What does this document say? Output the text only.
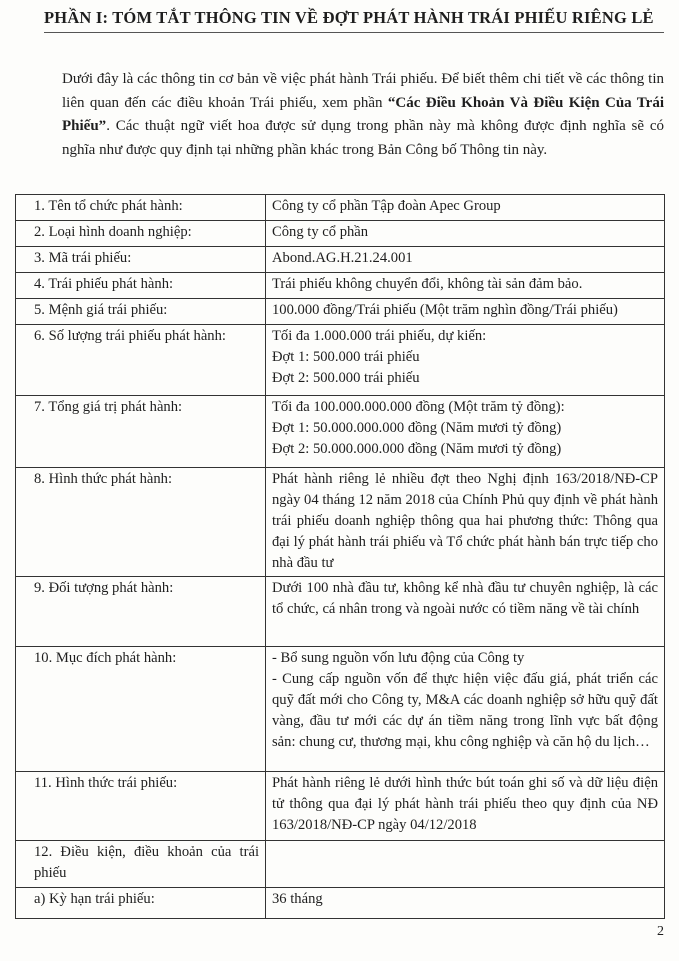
PHẦN I: TÓM TẮT THÔNG TIN VỀ ĐỢT PHÁT HÀNH TRÁI PHIẾU RIÊNG LẺ
Dưới đây là các thông tin cơ bản về việc phát hành Trái phiếu. Để biết thêm chi tiết về các thông tin liên quan đến các điều khoản Trái phiếu, xem phần “Các Điều Khoản Và Điều Kiện Của Trái Phiếu”. Các thuật ngữ viết hoa được sử dụng trong phần này mà không được định nghĩa sẽ có nghĩa như được quy định tại những phần khác trong Bản Công bố Thông tin này.
1. Tên tổ chức phát hành:	Công ty cổ phần Tập đoàn Apec Group

2. Loại hình doanh nghiệp:	Công ty cổ phần

3. Mã trái phiếu:	Abond.AG.H.21.24.001

4. Trái phiếu phát hành:	Trái phiếu không chuyển đổi, không tài sản đảm bảo.

5. Mệnh giá trái phiếu:	100.000 đồng/Trái phiếu (Một trăm nghìn đồng/Trái phiếu)

6. Số lượng trái phiếu phát hành:	Tối đa 1.000.000 trái phiếu, dự kiến:
Đợt 1: 500.000 trái phiếu
Đợt 2: 500.000 trái phiếu

7. Tổng giá trị phát hành:	Tối đa 100.000.000.000 đồng (Một trăm tỷ đồng):
Đợt 1: 50.000.000.000 đồng (Năm mươi tỷ đồng)
Đợt 2: 50.000.000.000 đồng (Năm mươi tỷ đồng)

8. Hình thức phát hành:	Phát hành riêng lẻ nhiều đợt theo Nghị định 163/2018/NĐ-CP ngày 04 tháng 12 năm 2018 của Chính Phủ quy định về phát hành trái phiếu doanh nghiệp thông qua hai phương thức: Thông qua đại lý phát hành trái phiếu và Tổ chức phát hành bán trực tiếp cho nhà đầu tư

9. Đối tượng phát hành:	Dưới 100 nhà đầu tư, không kể nhà đầu tư chuyên nghiệp, là các tổ chức, cá nhân trong và ngoài nước có tiềm năng về tài chính

10. Mục đích phát hành:	- Bổ sung nguồn vốn lưu động của Công ty
- Cung cấp nguồn vốn để thực hiện việc đấu giá, phát triển các quỹ đất mới cho Công ty, M&A các doanh nghiệp sở hữu quỹ đất vàng, đầu tư mới các dự án tiềm năng trong lĩnh vực bất động sản: chung cư, thương mại, khu công nghiệp và căn hộ du lịch…

11. Hình thức trái phiếu:	Phát hành riêng lẻ dưới hình thức bút toán ghi số và dữ liệu điện tử thông qua đại lý phát hành trái phiếu theo quy định của NĐ 163/2018/NĐ-CP ngày 04/12/2018

12. Điều kiện, điều khoản của trái phiếu	
a) Kỳ hạn trái phiếu:	36 tháng
2
